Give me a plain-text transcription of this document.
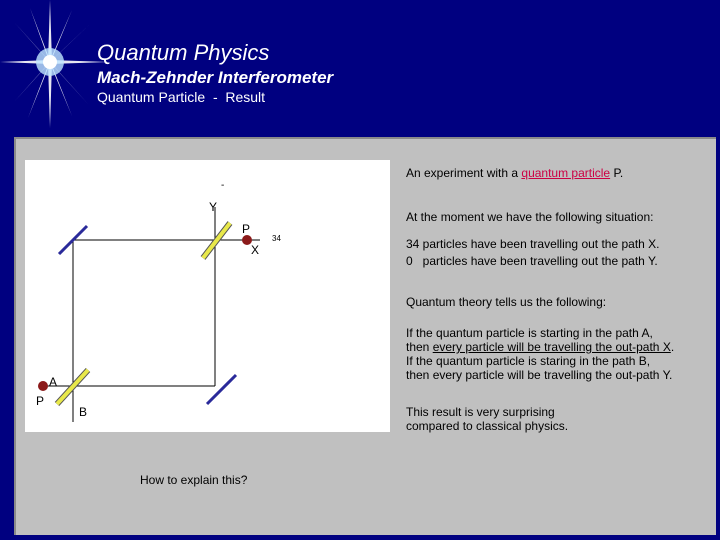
Quantum Physics
Mach-Zehnder Interferometer
Quantum Particle  -  Result
-
Y
P
X
34
A
P
B
An experiment with a quantum particle P.
At the moment we have the following situation:
34 particles have been travelling out the path X.
0   particles have been travelling out the path Y.
Quantum theory tells us the following:
If the quantum particle is starting in the path A,
then every particle will be travelling the out-path X.
If the quantum particle is staring in the path B,
then every particle will be travelling the out-path Y.
This result is very surprising
compared to classical physics.
How to explain this?
